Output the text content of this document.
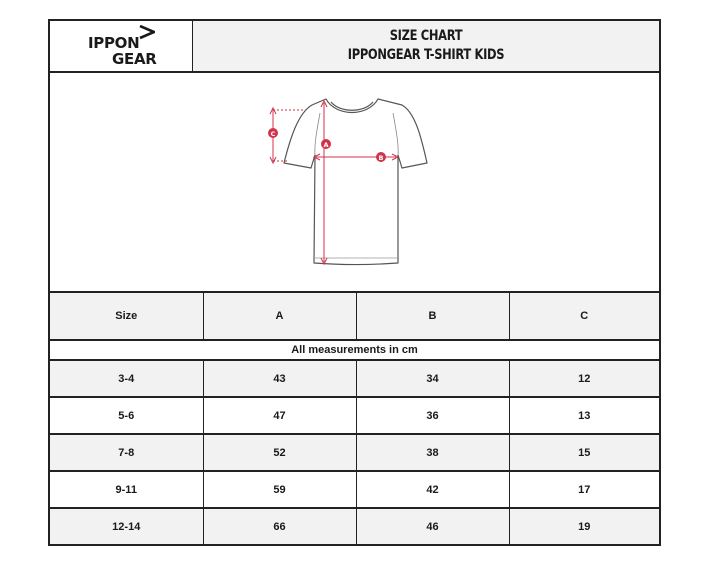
IPPON
GEAR
SIZE CHART
IPPONGEAR T-SHIRT KIDS
A
B
C
Size	A	B	C
All measurements in cm			
3-4	43	34	12
5-6	47	36	13
7-8	52	38	15
9-11	59	42	17
12-14	66	46	19
